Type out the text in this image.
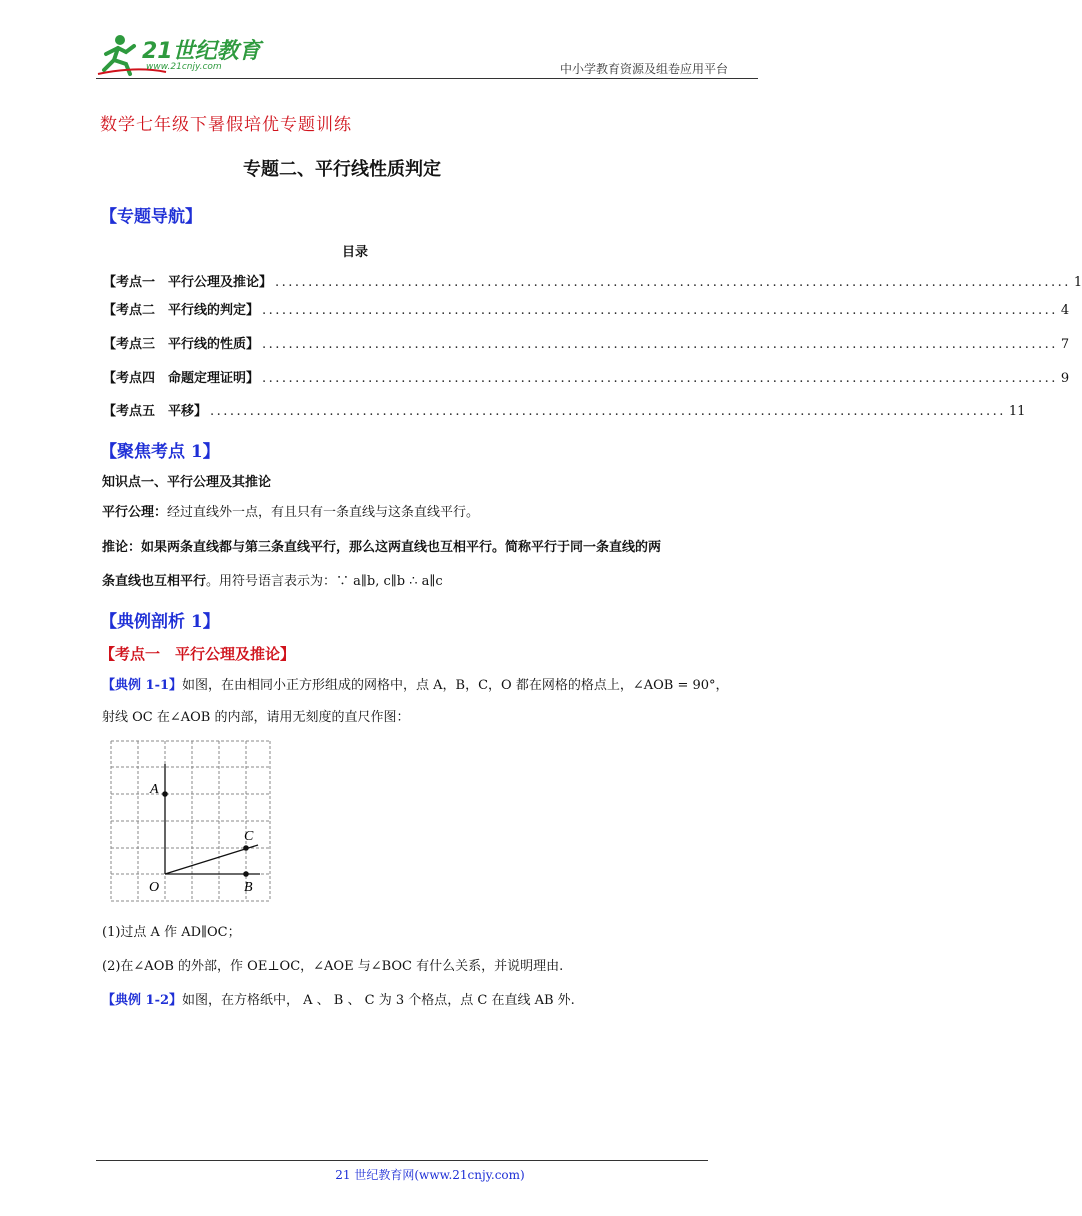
21世纪教育
www.21cnjy.com	中小学教育资源及组卷应用平台
数学七年级下暑假培优专题训练
专题二、平行线性质判定
【专题导航】
目录
【考点一　平行公理及推论】 ........................................................................................................................ 1
【考点二　平行线的判定】 ........................................................................................................................ 4
【考点三　平行线的性质】 ........................................................................................................................ 7
【考点四　命题定理证明】 ........................................................................................................................ 9
【考点五　平移】 ........................................................................................................................ 11
【聚焦考点 1】
知识点一、平行公理及其推论
平行公理：经过直线外一点，有且只有一条直线与这条直线平行。
推论：如果两条直线都与第三条直线平行，那么这两直线也互相平行。简称平行于同一条直线的两
条直线也互相平行。用符号语言表示为：∵ a∥b, c∥b ∴ a∥c
【典例剖析 1】
【考点一　平行公理及推论】
【典例 1-1】如图，在由相同小正方形组成的网格中，点 A，B，C，O 都在网格的格点上，∠AOB = 90°，
射线 OC 在∠AOB 的内部，请用无刻度的直尺作图：
A
C
B
O
(1)过点 A 作 AD∥OC；
(2)在∠AOB 的外部，作 OE⊥OC，∠AOE 与∠BOC 有什么关系，并说明理由.
【典例 1-2】如图，在方格纸中， A 、 B 、 C 为 3 个格点，点 C 在直线 AB 外.
21 世纪教育网(www.21cnjy.com)
